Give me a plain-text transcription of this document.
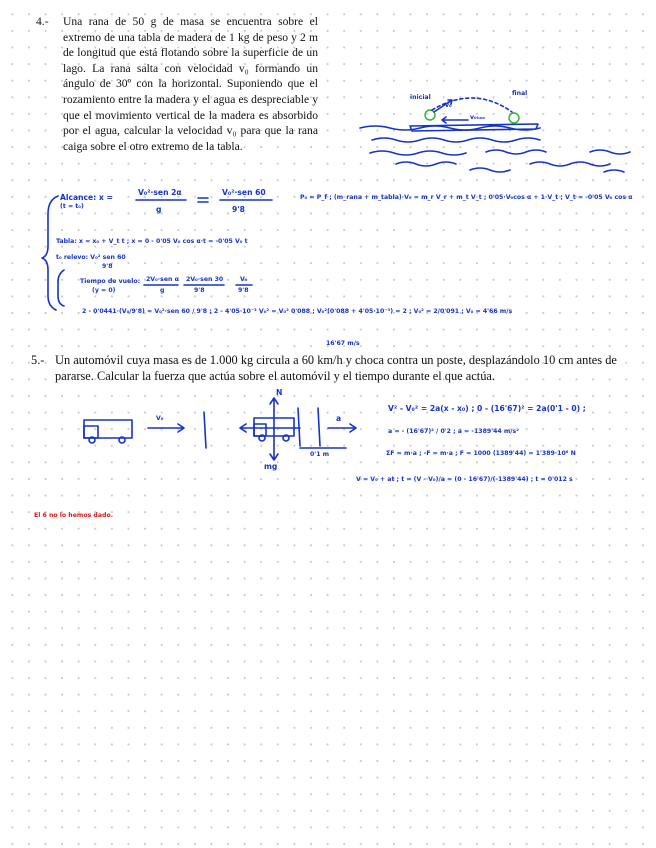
4.- Una rana de 50 g de masa se encuentra sobre el extremo de una tabla de madera de 1 kg de peso y 2 m de longitud que está flotando sobre la superficie de un lago. La rana salta con velocidad v₀ formando un ángulo de 30º con la horizontal. Suponiendo que el rozamiento entre la madera y el agua es despreciable y que el movimiento vertical de la madera es absorbido por el agua, calcular la velocidad v₀ para que la rana caiga sobre el otro extremo de la tabla.
inicial
final
v₀
v₀ₜₐₐ
Alcance: x =
(t = t₀)
V₀²·sen 2α
g
V₀²·sen 60
9'8
P₀ = P_f ; (m_rana + m_tabla)·V₀ = m_r V_r + m_t V_t ; 0'05·V₀cos α + 1·V_t ; V_t = -0'05 V₀ cos α
Tabla: x = x₀ + V_t t ; x = 0 - 0'05 V₀ cos α·t = -0'05 V₀ t
t₀ relevo: V₀² sen 60
9'8
Tiempo de vuelo:
(y = 0)
2V₀·sen α
g
2V₀·sen 30
9'8
V₀
9'8
2 - 0'0441·(V₀/9'8) = V₀²·sen 60 / 9'8 ; 2 - 4'05·10⁻³ V₀² = V₀² 0'088 ; V₀²(0'088 + 4'05·10⁻³) = 2 ; V₀² = 2/0'091 ; V₀ = 4'66 m/s
16'67 m/s
5.- Un automóvil cuya masa es de 1.000 kg circula a 60 km/h y choca contra un poste, desplazándolo 10 cm antes de pararse. Calcular la fuerza que actúa sobre el automóvil y el tiempo durante el que actúa.
V₀
N
mg
a
0'1 m
V² - V₀² = 2a(x - x₀) ; 0 - (16'67)² = 2a(0'1 - 0) ;
a = - (16'67)² / 0'2 ; a = -1389'44 m/s²
ΣF = m·a ; -F = m·a ; F = 1000 (1389'44) = 1'389·10⁶ N
V = V₀ + at ; t = (V - V₀)/a = (0 - 16'67)/(-1389'44) ; t = 0'012 s
El 6 no lo hemos dado.
